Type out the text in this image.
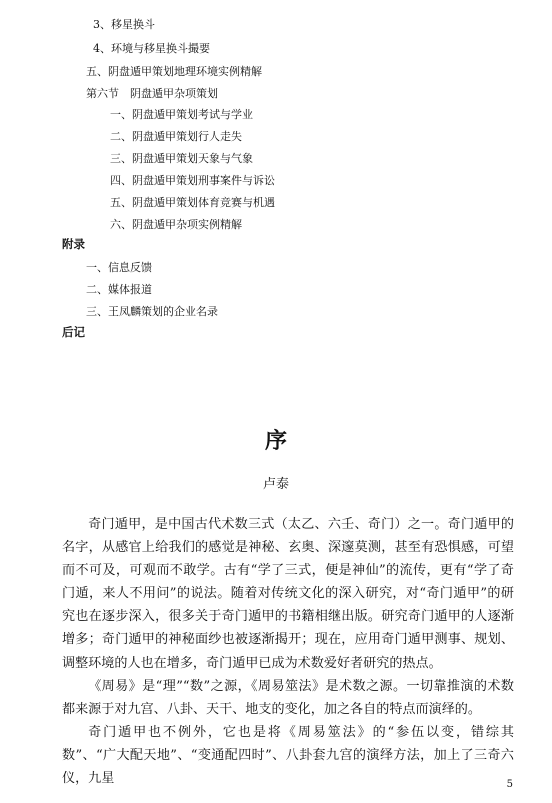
3、移星换斗
4、环境与移星换斗撮要
五、阴盘遁甲策划地理环境实例精解
第六节　阴盘遁甲杂项策划
一、阴盘遁甲策划考试与学业
二、阴盘遁甲策划行人走失
三、阴盘遁甲策划天象与气象
四、阴盘遁甲策划刑事案件与诉讼
五、阴盘遁甲策划体育竞赛与机遇
六、阴盘遁甲杂项实例精解
附录
一、信息反馈
二、媒体报道
三、王凤麟策划的企业名录
后记
序
卢泰

奇门遁甲，是中国古代术数三式（太乙、六壬、奇门）之一。奇门遁甲的名字，从感官上给我们的感觉是神秘、玄奥、深邃莫测，甚至有恐惧感，可望而不可及，可观而不敢学。古有“学了三式，便是神仙”的流传，更有“学了奇门遁，来人不用问”的说法。随着对传统文化的深入研究，对“奇门遁甲”的研究也在逐步深入，很多关于奇门遁甲的书籍相继出版。研究奇门遁甲的人逐渐增多；奇门遁甲的神秘面纱也被逐渐揭开；现在，应用奇门遁甲测事、规划、调整环境的人也在增多，奇门遁甲已成为术数爱好者研究的热点。

《周易》是“理”“数”之源，《周易筮法》是术数之源。一切靠推演的术数都来源于对九宫、八卦、天干、地支的变化，加之各自的特点而演绎的。

奇门遁甲也不例外，它也是将《周易筮法》的“参伍以变，错综其数”、“广大配天地”、“变通配四时”、八卦套九宫的演绎方法，加上了三奇六仪，九星	5
